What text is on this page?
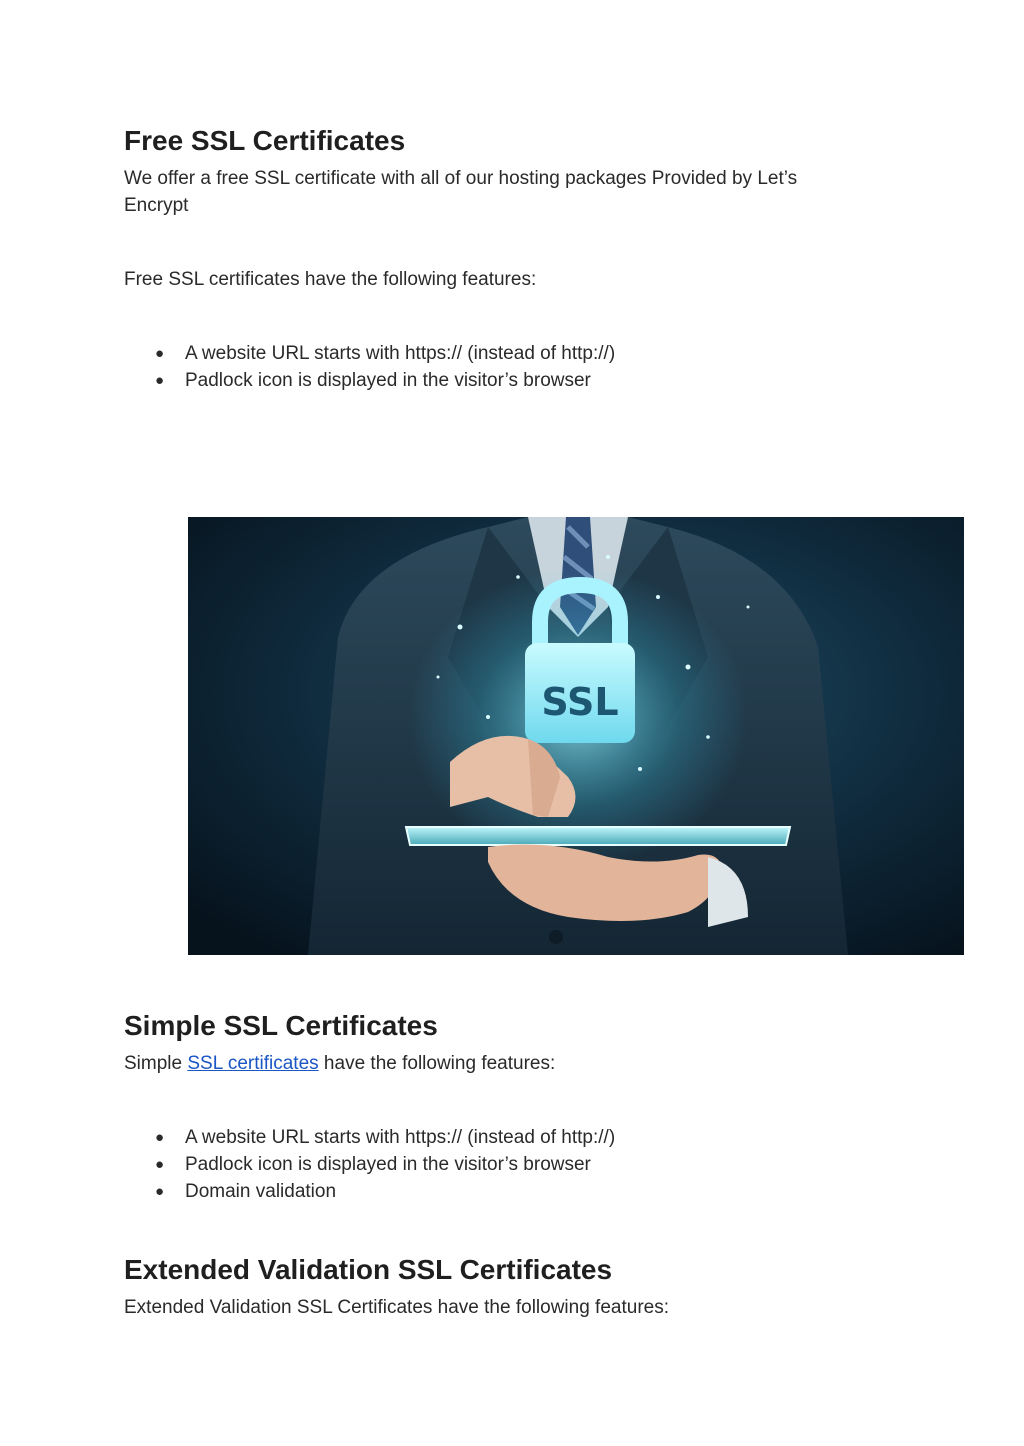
Free SSL Certificates

We offer a free SSL certificate with all of our hosting packages Provided by Let’s Encrypt

Free SSL certificates have the following features:

● A website URL starts with https:// (instead of http://)
● Padlock icon is displayed in the visitor’s browser
Simple SSL Certificates

Simple SSL certificates have the following features:

● A website URL starts with https:// (instead of http://)
● Padlock icon is displayed in the visitor’s browser
● Domain validation
Extended Validation SSL Certificates

Extended Validation SSL Certificates have the following features:

SSL
